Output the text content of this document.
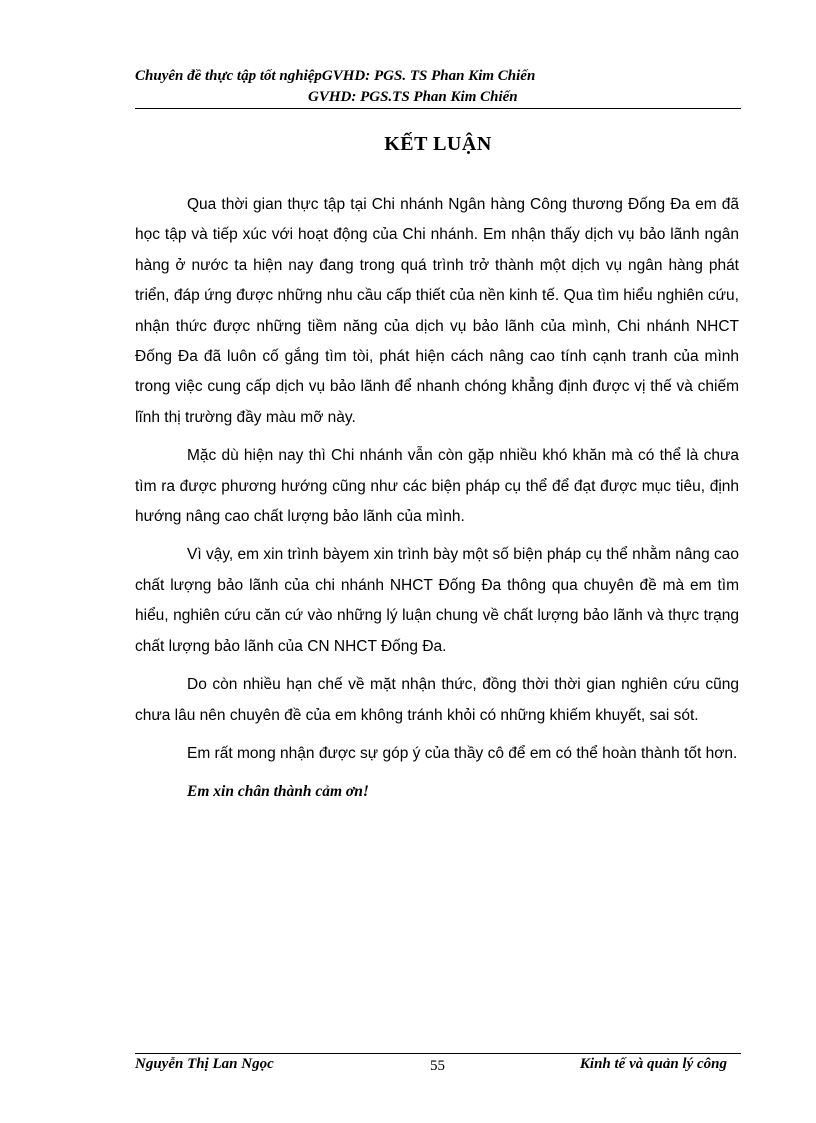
Chuyên đề thực tập tốt nghiệpGVHD: PGS. TS Phan Kim Chiến
GVHD: PGS.TS Phan Kim Chiến
KẾT LUẬN

Qua thời gian thực tập tại Chi nhánh Ngân hàng Công thương Đống Đa em đã học tập và tiếp xúc với hoạt động của Chi nhánh. Em nhận thấy dịch vụ bảo lãnh ngân hàng ở nước ta hiện nay đang trong quá trình trở thành một dịch vụ ngân hàng phát triển, đáp ứng được những nhu cầu cấp thiết của nền kinh tế. Qua tìm hiểu nghiên cứu, nhận thức được những tiềm năng của dịch vụ bảo lãnh của mình, Chi nhánh NHCT Đống Đa đã luôn cố gắng tìm tòi, phát hiện cách nâng cao tính cạnh tranh của mình trong việc cung cấp dịch vụ bảo lãnh để nhanh chóng khẳng định được vị thế và chiếm lĩnh thị trường đầy màu mỡ này.

Mặc dù hiện nay thì Chi nhánh vẫn còn gặp nhiều khó khăn mà có thể là chưa tìm ra được phương hướng cũng như các biện pháp cụ thể để đạt được mục tiêu, định hướng nâng cao chất lượng bảo lãnh của mình.

Vì vậy, em xin trình bàyem xin trình bày một số biện pháp cụ thể nhằm nâng cao chất lượng bảo lãnh của chi nhánh NHCT Đống Đa thông qua chuyên đề mà em tìm hiểu, nghiên cứu căn cứ vào những lý luận chung về chất lượng bảo lãnh và thực trạng chất lượng bảo lãnh của CN NHCT Đống Đa.

Do còn nhiều hạn chế về mặt nhận thức, đồng thời thời gian nghiên cứu cũng chưa lâu nên chuyên đề của em không tránh khỏi có những khiếm khuyết, sai sót.

Em rất mong nhận được sự góp ý của thầy cô để em có thể hoàn thành tốt hơn.

Em xin chân thành cảm ơn!

Nguyễn Thị Lan Ngọc	55	Kinh tế và quản lý công
